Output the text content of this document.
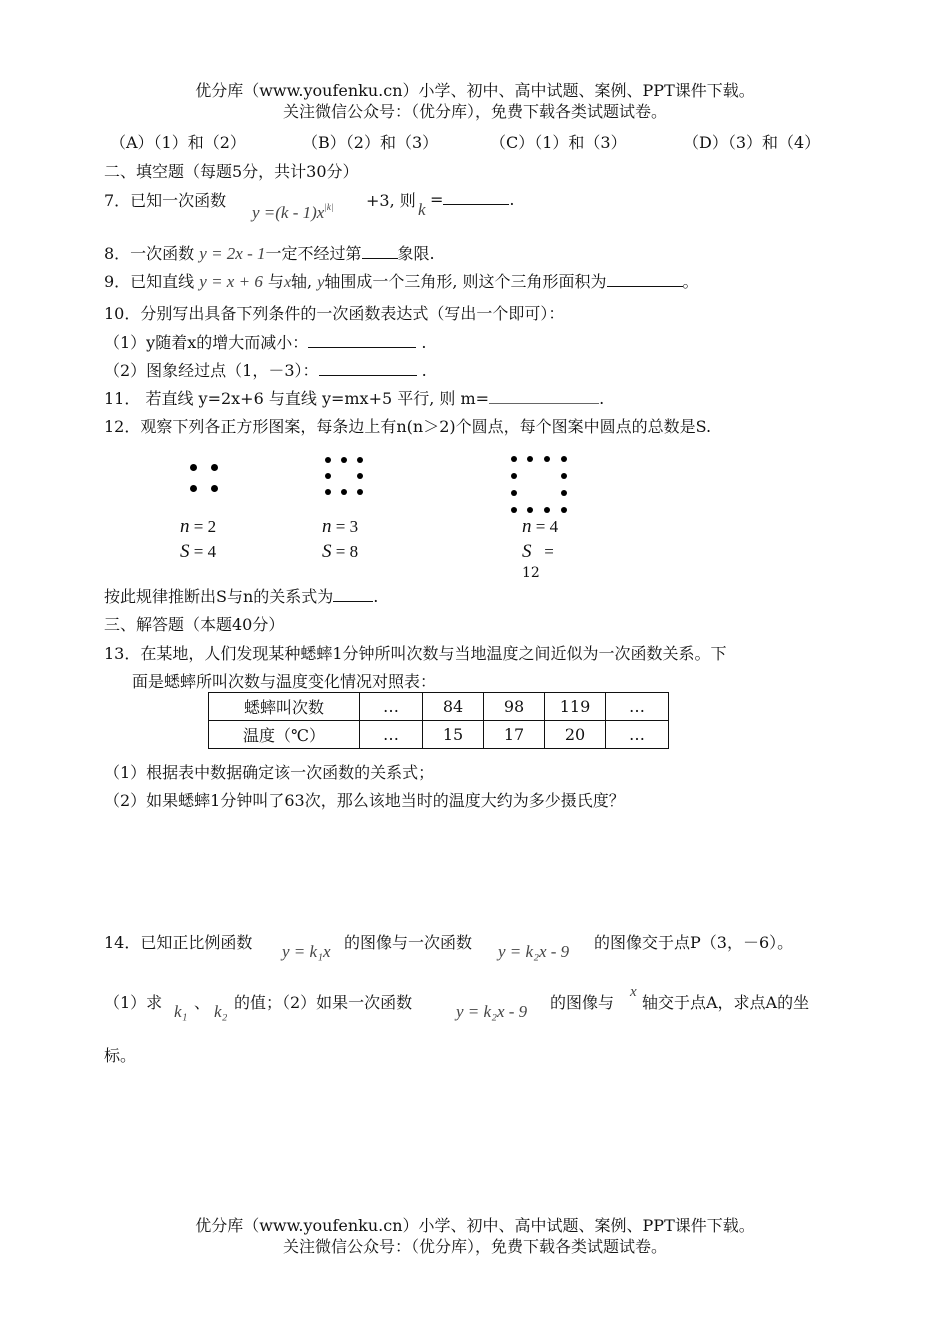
优分库（www.youfenku.cn）小学、初中、高中试题、案例、PPT课件下载。
关注微信公众号：（优分库），免费下载各类试题试卷。
（A）（1）和（2）	（B）（2）和（3）	（C）（1）和（3）	（D）（3）和（4）
二、填空题（每题5分，共计30分）
7．已知一次函数
$y =(k - 1)x^{|k|} +3$, 则 k
=	.
8．一次函数 y = 2x - 1一定不经过第 象限.
9．已知直线 y = x + 6 与x轴, y轴围成一个三角形, 则这个三角形面积为	。
10．分别写出具备下列条件的一次函数表达式（写出一个即可）：
（1）y随着x的增大而减小：	.
（2）图象经过点（1，－3）：	.
11． 若直线 y=2x+6 与直线 y=mx+5 平行, 则 m=	.
12．观察下列各正方形图案，每条边上有n(n＞2)个圆点，每个图案中圆点的总数是S.
n = 2
S = 4
n = 3
S = 8
n = 4
S =
12
按此规律推断出S与n的关系式为	.
三、解答题（本题40分）
13．在某地，人们发现某种蟋蟀1分钟所叫次数与当地温度之间近似为一次函数关系。下
面是蟋蟀所叫次数与温度变化情况对照表：
蟋蟀叫次数	…	84	98	119	…
温度（℃）	…	15	17	20	…
（1）根据表中数据确定该一次函数的关系式；
（2）如果蟋蟀1分钟叫了63次，那么该地当时的温度大约为多少摄氏度？
14．已知正比例函数 y = k₁x 的图像与一次函数 y = k₂x - 9 的图像交于点P（3，－6）。
（1）求 k₁ 、 k₂ 的值；（2）如果一次函数	y = k₂x - 9 的图像与
x
轴交于点A，求点A的坐
标。
优分库（www.youfenku.cn）小学、初中、高中试题、案例、PPT课件下载。
关注微信公众号：（优分库），免费下载各类试题试卷。
